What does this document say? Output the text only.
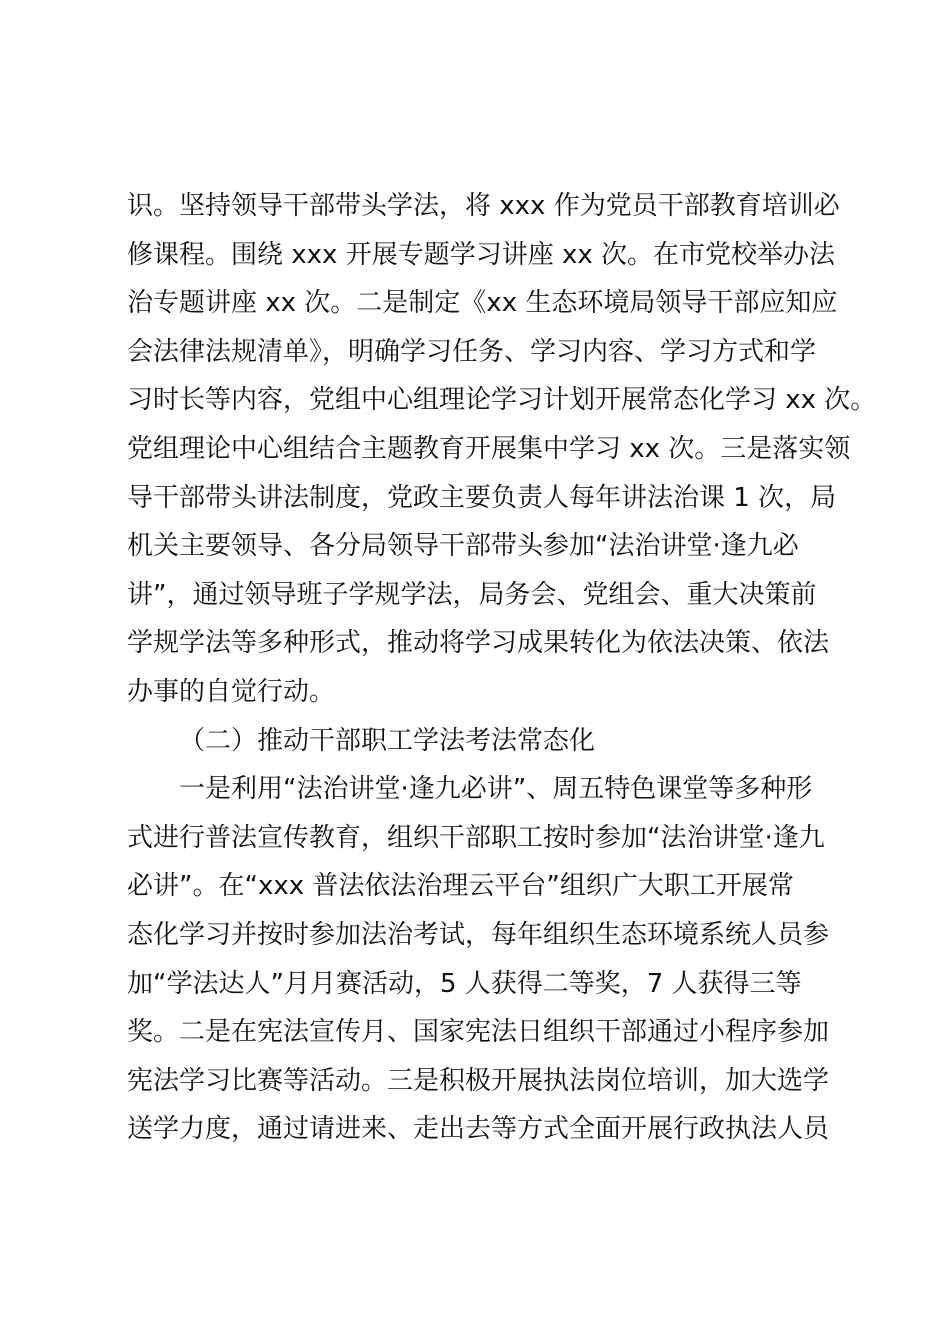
识。坚持领导干部带头学法，将 xxx 作为党员干部教育培训必
修课程。围绕 xxx 开展专题学习讲座 xx 次。在市党校举办法
治专题讲座 xx 次。二是制定《xx 生态环境局领导干部应知应
会法律法规清单》，明确学习任务、学习内容、学习方式和学
习时长等内容，党组中心组理论学习计划开展常态化学习 xx 次。
党组理论中心组结合主题教育开展集中学习 xx 次。三是落实领
导干部带头讲法制度，党政主要负责人每年讲法治课 1 次，局
机关主要领导、各分局领导干部带头参加“法治讲堂·逢九必
讲”，通过领导班子学规学法，局务会、党组会、重大决策前
学规学法等多种形式，推动将学习成果转化为依法决策、依法
办事的自觉行动。
（二）推动干部职工学法考法常态化
一是利用“法治讲堂·逢九必讲”、周五特色课堂等多种形
式进行普法宣传教育，组织干部职工按时参加“法治讲堂·逢九
必讲”。在“xxx 普法依法治理云平台”组织广大职工开展常
态化学习并按时参加法治考试，每年组织生态环境系统人员参
加“学法达人”月月赛活动，5 人获得二等奖，7 人获得三等
奖。二是在宪法宣传月、国家宪法日组织干部通过小程序参加
宪法学习比赛等活动。三是积极开展执法岗位培训，加大选学
送学力度，通过请进来、走出去等方式全面开展行政执法人员
